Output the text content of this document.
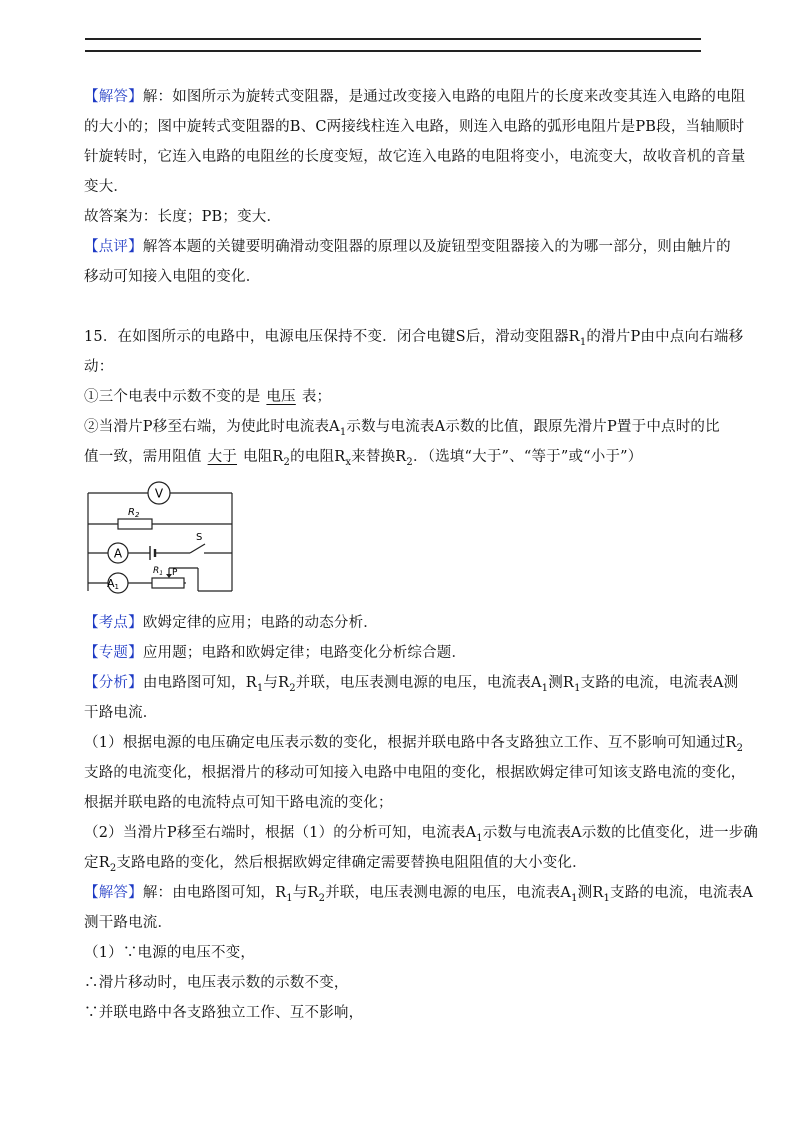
【解答】解：如图所示为旋转式变阻器，是通过改变接入电路的电阻片的长度来改变其连入电路的电阻
的大小的；图中旋转式变阻器的B、C两接线柱连入电路，则连入电路的弧形电阻片是PB段，当轴顺时
针旋转时，它连入电路的电阻丝的长度变短，故它连入电路的电阻将变小，电流变大，故收音机的音量
变大．
故答案为：长度；PB；变大．
【点评】解答本题的关键要明确滑动变阻器的原理以及旋钮型变阻器接入的为哪一部分，则由触片的
移动可知接入电阻的变化．
15．在如图所示的电路中，电源电压保持不变．闭合电键S后，滑动变阻器$R_1$的滑片P由中点向右端移
动：
①三个电表中示数不变的是 电压 表；
②当滑片P移至右端，为使此时电流表$A_1$示数与电流表A示数的比值，跟原先滑片P置于中点时的比
值一致，需用阻值 大于 电阻$R_2$的电阻$R_x$来替换$R_2$．（选填“大于”、“等于”或“小于”）
V
$R_2$
A
S
A1
$R_1$ P
【考点】欧姆定律的应用；电路的动态分析．
【专题】应用题；电路和欧姆定律；电路变化分析综合题．
【分析】由电路图可知，$R_1$与$R_2$并联，电压表测电源的电压，电流表$A_1$测$R_1$支路的电流，电流表A测
干路电流．
（1）根据电源的电压确定电压表示数的变化，根据并联电路中各支路独立工作、互不影响可知通过$R_2$
支路的电流变化，根据滑片的移动可知接入电路中电阻的变化，根据欧姆定律可知该支路电流的变化，
根据并联电路的电流特点可知干路电流的变化；
（2）当滑片P移至右端时，根据（1）的分析可知，电流表$A_1$示数与电流表A示数的比值变化，进一步确
定$R_2$支路电路的变化，然后根据欧姆定律确定需要替换电阻阻值的大小变化．
【解答】解：由电路图可知，$R_1$与$R_2$并联，电压表测电源的电压，电流表$A_1$测$R_1$支路的电流，电流表A
测干路电流．
（1）∵电源的电压不变，
∴滑片移动时，电压表示数的示数不变，
∵并联电路中各支路独立工作、互不影响，
